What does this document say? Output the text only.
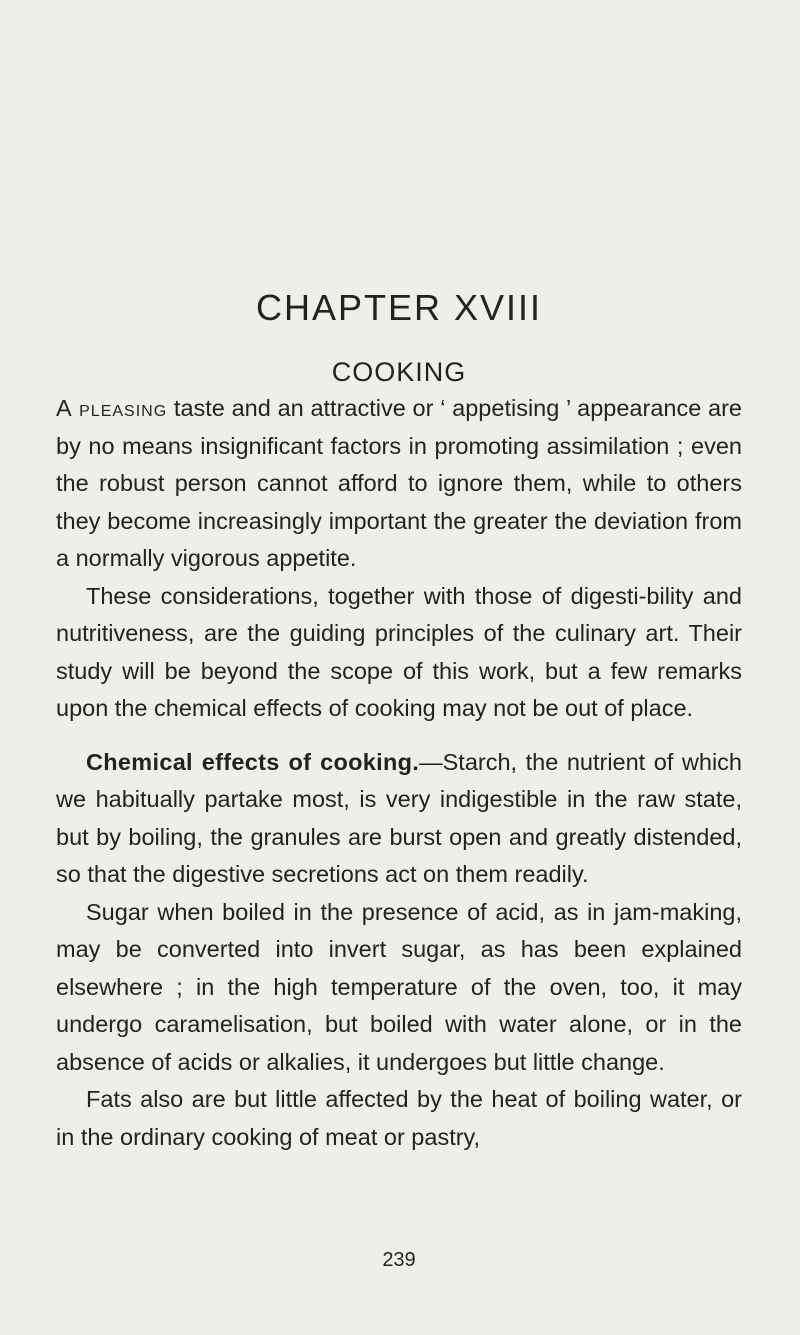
CHAPTER XVIII
COOKING

A pleasing taste and an attractive or ‘ appetising ’ appearance are by no means insignificant factors in promoting assimilation ; even the robust person cannot afford to ignore them, while to others they become increasingly important the greater the deviation from a normally vigorous appetite.

These considerations, together with those of digesti-bility and nutritiveness, are the guiding principles of the culinary art. Their study will be beyond the scope of this work, but a few remarks upon the chemical effects of cooking may not be out of place.

Chemical effects of cooking.—Starch, the nutrient of which we habitually partake most, is very indigestible in the raw state, but by boiling, the granules are burst open and greatly distended, so that the digestive secretions act on them readily.

Sugar when boiled in the presence of acid, as in jam-making, may be converted into invert sugar, as has been explained elsewhere ; in the high temperature of the oven, too, it may undergo caramelisation, but boiled with water alone, or in the absence of acids or alkalies, it undergoes but little change.

Fats also are but little affected by the heat of boiling water, or in the ordinary cooking of meat or pastry,

239
